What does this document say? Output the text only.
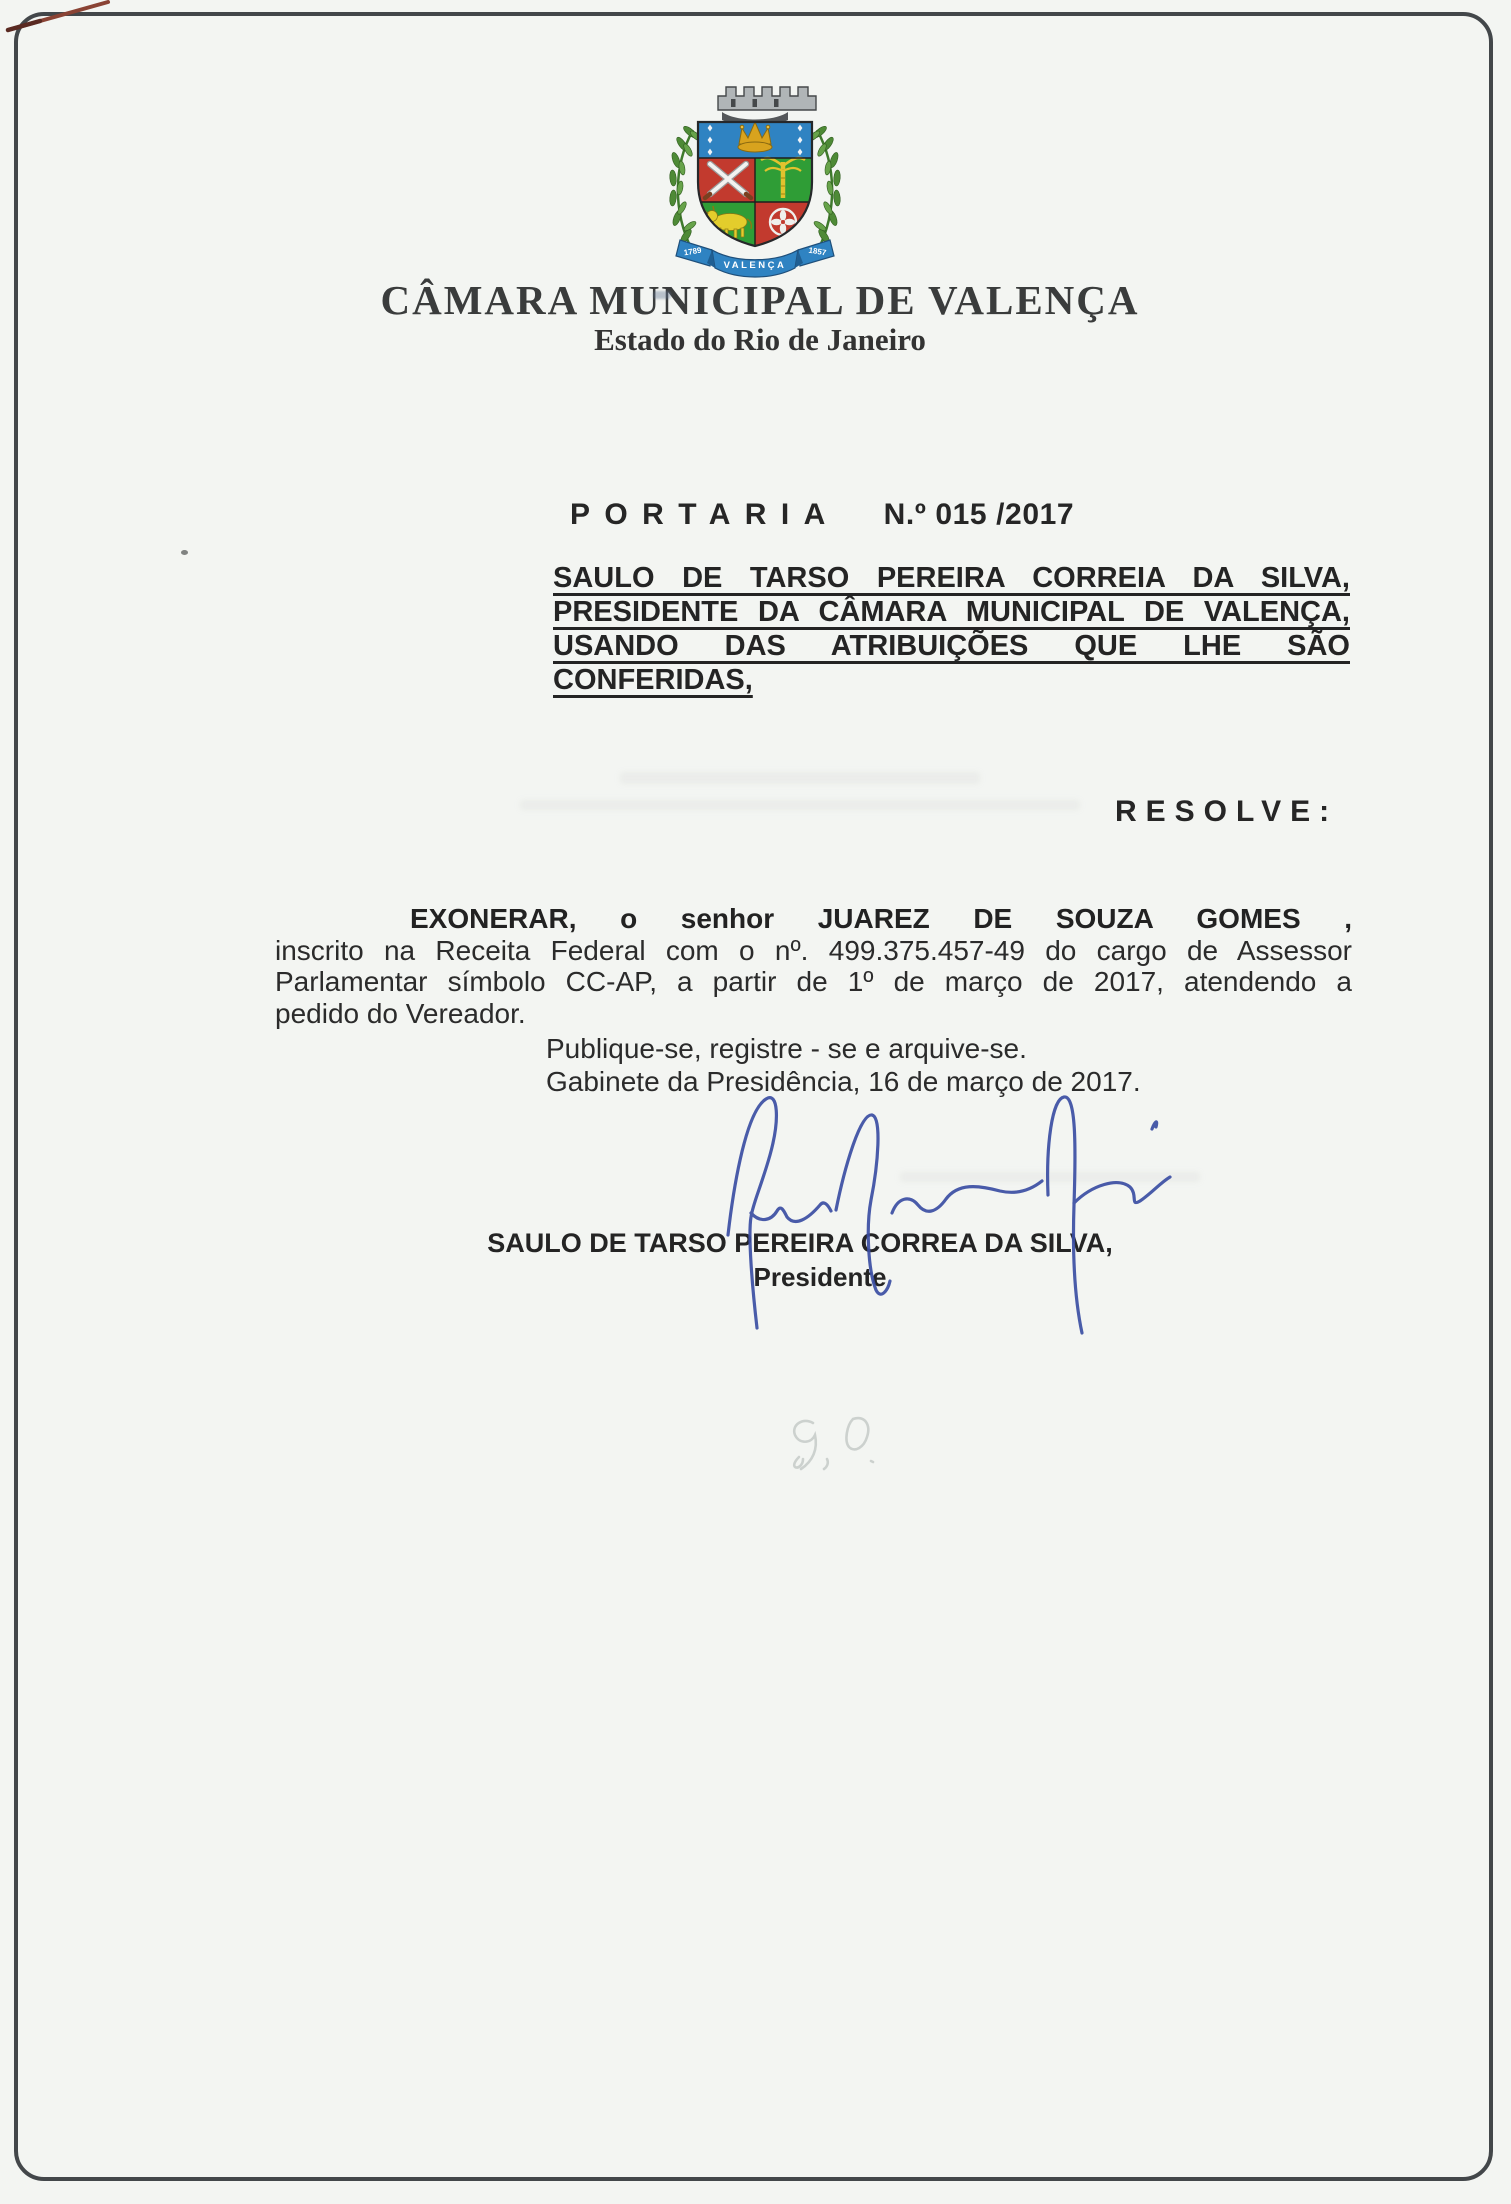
1789
VALENÇA
1857
CÂMARA MUNICIPAL DE VALENÇA
Estado do Rio de Janeiro
PORTARIA N.º 015 /2017
SAULO DE TARSO PEREIRA CORREIA DA SILVA,
PRESIDENTE DA CÂMARA MUNICIPAL DE VALENÇA,
USANDO DAS ATRIBUIÇÕES QUE LHE SÃO
CONFERIDAS,
RESOLVE:
EXONERAR, o senhor JUAREZ DE SOUZA GOMES ,
inscrito na Receita Federal com o nº. 499.375.457-49 do cargo de Assessor
Parlamentar símbolo CC-AP, a partir de 1º de março de 2017, atendendo a
pedido do Vereador.
Publique-se, registre - se e arquive-se.
Gabinete da Presidência, 16 de março de 2017.
SAULO DE TARSO PEREIRA CORREA DA SILVA,
Presidente
